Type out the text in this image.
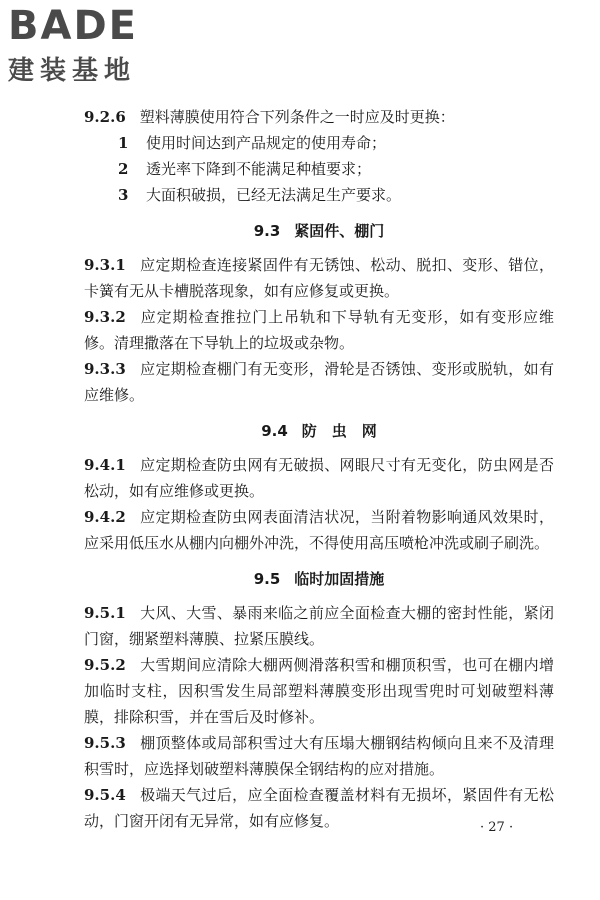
BADE
建装基地

9.2.6 塑料薄膜使用符合下列条件之一时应及时更换：

1 使用时间达到产品规定的使用寿命；

2 透光率下降到不能满足种植要求；

3 大面积破损，已经无法满足生产要求。

9.3 紧固件、棚门

9.3.1 应定期检查连接紧固件有无锈蚀、松动、脱扣、变形、错位，卡簧有无从卡槽脱落现象，如有应修复或更换。

9.3.2 应定期检查推拉门上吊轨和下导轨有无变形，如有变形应维修。清理撒落在下导轨上的垃圾或杂物。

9.3.3 应定期检查棚门有无变形，滑轮是否锈蚀、变形或脱轨，如有应维修。

9.4 防　虫　网

9.4.1 应定期检查防虫网有无破损、网眼尺寸有无变化，防虫网是否松动，如有应维修或更换。

9.4.2 应定期检查防虫网表面清洁状况，当附着物影响通风效果时，应采用低压水从棚内向棚外冲洗，不得使用高压喷枪冲洗或刷子刷洗。

9.5 临时加固措施

9.5.1 大风、大雪、暴雨来临之前应全面检查大棚的密封性能，紧闭门窗，绷紧塑料薄膜、拉紧压膜线。

9.5.2 大雪期间应清除大棚两侧滑落积雪和棚顶积雪，也可在棚内增加临时支柱，因积雪发生局部塑料薄膜变形出现雪兜时可划破塑料薄膜，排除积雪，并在雪后及时修补。

9.5.3 棚顶整体或局部积雪过大有压塌大棚钢结构倾向且来不及清理积雪时，应选择划破塑料薄膜保全钢结构的应对措施。

9.5.4 极端天气过后，应全面检查覆盖材料有无损坏，紧固件有无松动，门窗开闭有无异常，如有应修复。	· 27 ·
